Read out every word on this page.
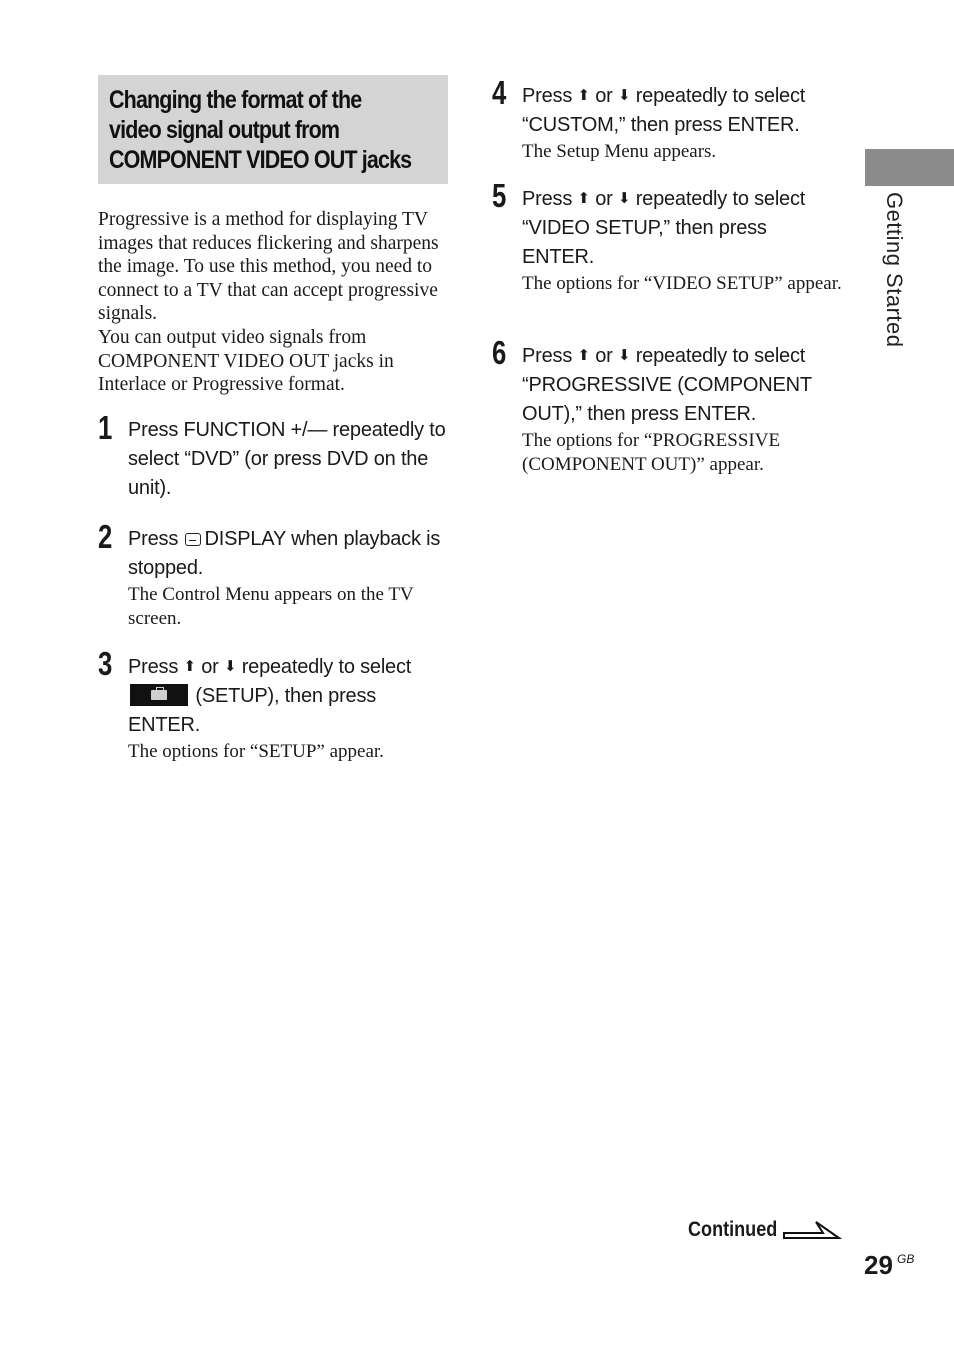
Changing the format of the
video signal output from
COMPONENT VIDEO OUT jacks

Progressive is a method for displaying TV images that reduces flickering and sharpens the image. To use this method, you need to connect to a TV that can accept progressive signals.

You can output video signals from COMPONENT VIDEO OUT jacks in Interlace or Progressive format.

1 Press FUNCTION +/— repeatedly to select “DVD” (or press DVD on the unit).
2 Press DISPLAY when playback is stopped.
The Control Menu appears on the TV screen.
3 Press ⬆ or ⬇ repeatedly to select  (SETUP), then press ENTER.
The options for “SETUP” appear.
4 Press ⬆ or ⬇ repeatedly to select “CUSTOM,” then press ENTER.
The Setup Menu appears.
5 Press ⬆ or ⬇ repeatedly to select “VIDEO SETUP,” then press ENTER.
The options for “VIDEO SETUP” appear.
6 Press ⬆ or ⬇ repeatedly to select “PROGRESSIVE (COMPONENT OUT),” then press ENTER.
The options for “PROGRESSIVE (COMPONENT OUT)” appear.
Getting Started
Continued
29 GB
